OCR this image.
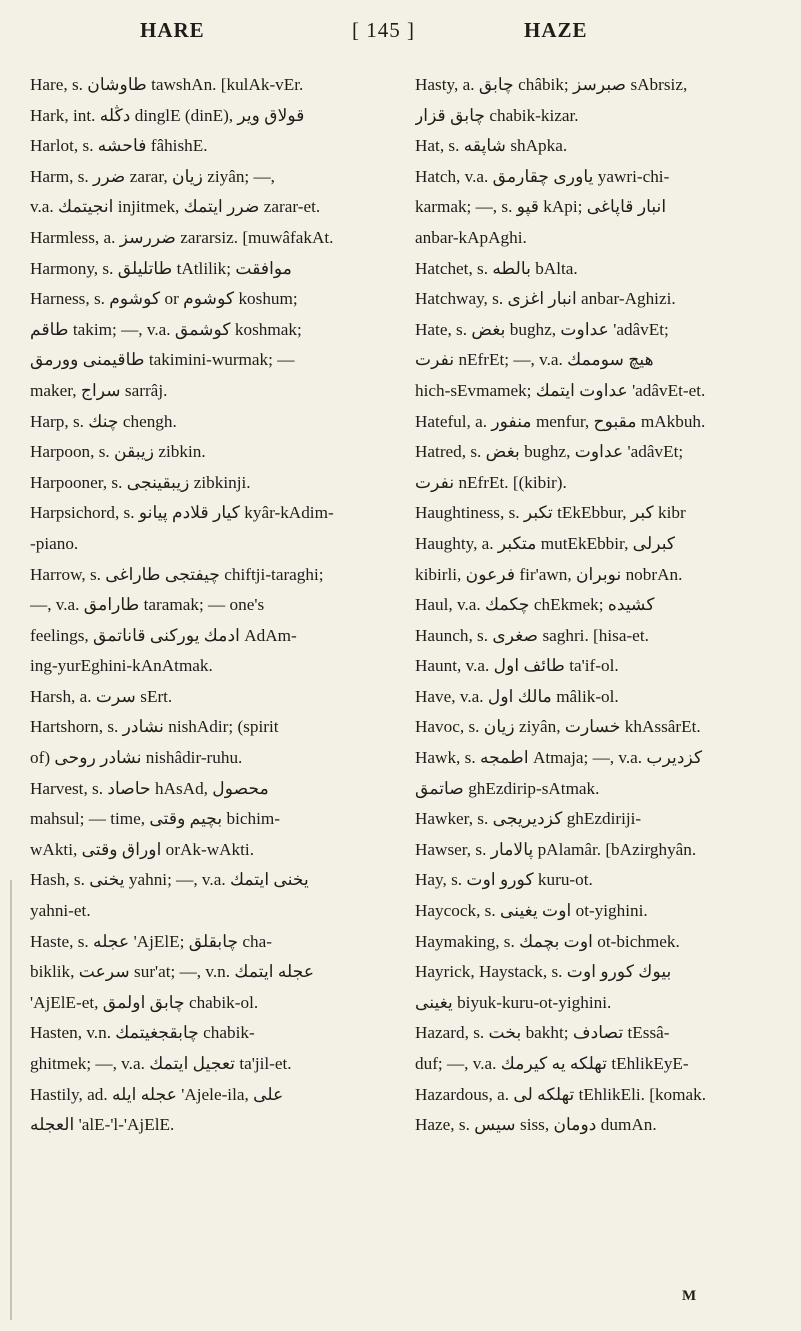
HARE	[ 145 ]	HAZE
Hare, s. ﻃﺎﻭﺷﺎﻥ tawshAn. [kulAk-vEr.
Hark, int. ﺩﯕﻠﻪ dinglE (dinE), ﻗﻮﻟﺎﻕ ﻭﻳﺮ
Harlot, s. ﻓﺎﺣﺸﻪ fâhishE.
Harm, s. ﺿﺮﺭ zarar, ﺯﻳﺎﻥ ziyân; —,
v.a. ﺍﻧﺠﻴﺘﻤﻚ injitmek, ﺿﺮﺭ ﺍﻳﺘﻤﻚ zarar-et.
Harmless, a. ﺿﺮﺭﺳﺰ zararsiz. [muwâfakAt.
Harmony, s. ﻃﺎﺗﻠﻴﻠﻖ tAtlilik; ﻣﻮﺍﻓﻘﺖ
Harness, s. ﻛﻮﺷﻮﻡ or ﻛﻮﺷﻮﻡ koshum;
ﻃﺎﻗﻢ takim; —, v.a. ﻛﻮﺷﻤﻖ koshmak;
ﻃﺎﻗﻴﻤﻨﻰ ﻭﻭﺭﻣﻖ takimini-wurmak; —
maker, ﺳﺮﺍﺝ sarrâj.
Harp, s. ﭼﻨﻚ chengh.
Harpoon, s. ﺯﻳﺒﻘﻦ zibkin.
Harpooner, s. ﺯﻳﺒﻘﻴﻨﺠﻰ zibkinji.
Harpsichord, s. ﻛﻴﺎﺭ ﻗﻼﺩﻡ ﭘﻴﺎﻧﻮ kyâr-kAdim-
-piano.
Harrow, s. ﭼﻴﻔﺘﺠﻰ ﻃﺎﺭﺍﻏﻰ chiftji-taraghi;
—, v.a. ﻃﺎﺭﺍﻣﻖ taramak; — one's
feelings, ﺍﺩﻣﻚ ﻳﻮﺭﻛﻨﻰ ﻗﺎﻧﺎﺗﻤﻖ AdAm-
ing-yurEghini-kAnAtmak.
Harsh, a. ﺳﺮﺕ sErt.
Hartshorn, s. ﻧﺸﺎﺩﺭ nishAdir; (spirit
of) ﻧﺸﺎﺩﺭ ﺭﻭﺣﻰ nishâdir-ruhu.
Harvest, s. ﺣﺎﺻﺎﺩ hAsAd, ﻣﺤﺼﻮﻝ
mahsul; — time, ﺑﭽﻴﻢ ﻭﻗﺘﻰ bichim-
wAkti, ﺍﻭﺭﺍﻕ ﻭﻗﺘﻰ orAk-wAkti.
Hash, s. ﻳﺨﻨﻰ yahni; —, v.a. ﻳﺨﻨﻰ ﺍﻳﺘﻤﻚ
yahni-et.
Haste, s. ﻋﺠﻠﻪ 'AjElE; ﭼﺎﺑﻘﻠﻖ cha-
biklik, ﺳﺮﻋﺖ sur'at; —, v.n. ﻋﺠﻠﻪ ﺍﻳﺘﻤﻚ
'AjElE-et, ﭼﺎﺑﻖ ﺍﻭﻟﻤﻖ chabik-ol.
Hasten, v.n. ﭼﺎﺑﻘﺠﻐﻴﺘﻤﻚ chabik-
ghitmek; —, v.a. ﺗﻌﺠﻴﻞ ﺍﻳﺘﻤﻚ ta'jil-et.
Hastily, ad. ﻋﺠﻠﻪ ﺍﻳﻠﻪ 'Ajele-ila, ﻋﻠﻰ
ﺍﻟﻌﺠﻠﻪ 'alE-'l-'AjElE.
Hasty, a. ﭼﺎﺑﻖ châbik; ﺻﺒﺮﺳﺰ sAbrsiz,
ﭼﺎﺑﻖ ﻗﺰﺍﺭ chabik-kizar.
Hat, s. ﺷﺎﭘﻘﻪ shApka.
Hatch, v.a. ﻳﺎﻭﺭﻯ ﭼﻘﺎﺭﻣﻖ yawri-chi-
karmak; —, s. ﻗﭙﻮ kApi; ﺍﻧﺒﺎﺭ ﻗﺎﭘﺎﻏﻰ
anbar-kApAghi.
Hatchet, s. ﺑﺎﻟﻄﻪ bAlta.
Hatchway, s. ﺍﻧﺒﺎﺭ ﺍﻏﺰﻯ anbar-Aghizi.
Hate, s. ﺑﻐﺾ bughz, ﻋﺪﺍﻭﺕ 'adâvEt;
ﻧﻔﺮﺕ nEfrEt; —, v.a. ﻫﻴﭻ ﺳﻮﻣﻤﻚ
hich-sEvmamek; ﻋﺪﺍﻭﺕ ﺍﻳﺘﻤﻚ 'adâvEt-et.
Hateful, a. ﻣﻨﻔﻮﺭ menfur, ﻣﻘﺒﻮﺡ mAkbuh.
Hatred, s. ﺑﻐﺾ bughz, ﻋﺪﺍﻭﺕ 'adâvEt;
ﻧﻔﺮﺕ nEfrEt. [(kibir).
Haughtiness, s. ﺗﻜﺒﺮ tEkEbbur, ﻛﺒﺮ kibr
Haughty, a. ﻣﺘﻜﺒﺮ mutEkEbbir, ﻛﺒﺮﻟﻰ
kibirli, ﻓﺮﻋﻮﻥ fir'awn, ﻧﻮﺑﺮﺍﻥ nobrAn.
Haul, v.a. ﭼﻜﻤﻚ chEkmek; ﻛﺸﻴﺪﻩ
Haunch, s. ﺻﻐﺮﻯ saghri. [hisa-et.
Haunt, v.a. ﻃﺎﺋﻒ ﺍﻭﻝ ta'if-ol.
Have, v.a. ﻣﺎﻟﻚ ﺍﻭﻝ mâlik-ol.
Havoc, s. ﺯﻳﺎﻥ ziyân, ﺧﺴﺎﺭﺕ khAssârEt.
Hawk, s. ﺍﻃﻤﺠﻪ Atmaja; —, v.a. ﻛﺰﺩﻳﺮﺏ
ﺻﺎﺗﻤﻖ ghEzdirip-sAtmak.
Hawker, s. ﻛﺰﺩﻳﺮﻳﺠﻰ ghEzdiriji-
Hawser, s. ﭘﺎﻻﻣﺎﺭ pAlamâr. [bAzirghyân.
Hay, s. ﻛﻮﺭﻭ ﺍﻭﺕ kuru-ot.
Haycock, s. ﺍﻭﺕ ﻳﻐﻴﻨﻰ ot-yighini.
Haymaking, s. ﺍﻭﺕ ﺑﭽﻤﻚ ot-bichmek.
Hayrick, Haystack, s. ﺑﻴﻮﻙ ﻛﻮﺭﻭ ﺍﻭﺕ
ﻳﻐﻴﻨﻰ biyuk-kuru-ot-yighini.
Hazard, s. ﺑﺨﺖ bakht; ﺗﺼﺎﺩﻑ tEssâ-
duf; —, v.a. ﺗﻬﻠﻜﻪ ﻳﻪ ﻛﻴﺮﻣﻚ tEhlikEyE-
Hazardous, a. ﺗﻬﻠﻜﻪ ﻟﻰ tEhlikEli. [komak.
Haze, s. ﺳﻴﺲ siss, ﺩﻭﻣﺎﻥ dumAn.
M
